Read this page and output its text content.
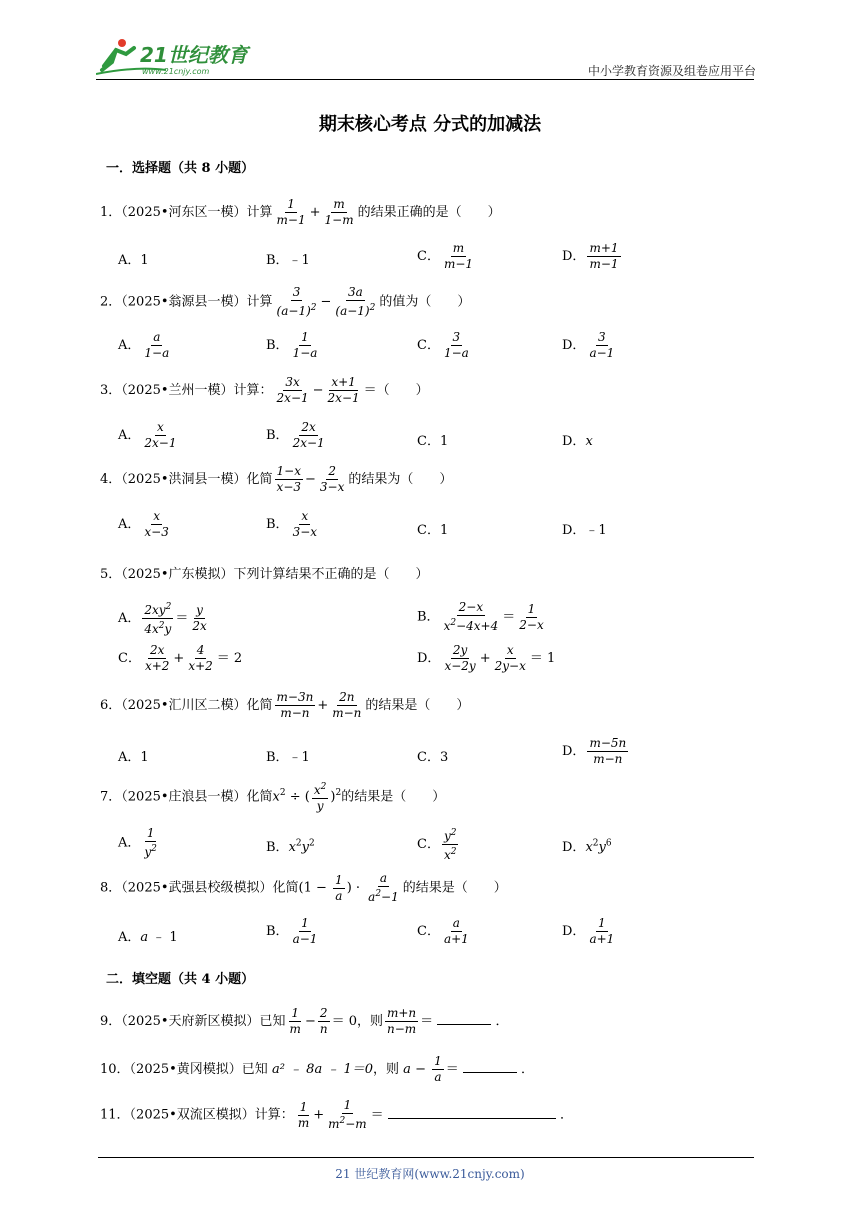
21世纪教育
www.21cnjy.com	中小学教育资源及组卷应用平台
期末核心考点 分式的加减法
一．选择题（共 8 小题）
1．（2025•河东区一模）计算 $\frac{1}{m-1} + \frac{m}{1-m}$ 的结果正确的是（　　）
A．1	B．﹣1	C． $\frac{m}{m-1}$	D． $\frac{m+1}{m-1}$
2．（2025•翁源县一模）计算 $\frac{3}{(a-1)^2} - \frac{3a}{(a-1)^2}$ 的值为（　　）
A． $\frac{a}{1-a}$	B． $\frac{1}{1-a}$	C． $\frac{3}{1-a}$	D． $\frac{3}{a-1}$
3．（2025•兰州一模）计算： $\frac{3x}{2x-1} - \frac{x+1}{2x-1}$ ＝（　　）
A． $\frac{x}{2x-1}$	B． $\frac{2x}{2x-1}$	C．1	D．x
4．（2025•洪洞县一模）化简 $\frac{1-x}{x-3} - \frac{2}{3-x}$ 的结果为（　　）
A． $\frac{x}{x-3}$	B． $\frac{x}{3-x}$	C．1	D．﹣1
5．（2025•广东模拟）下列计算结果不正确的是（　　）
A． $\frac{2xy^2}{4x^2y} = \frac{y}{2x}$	B． $\frac{2-x}{x^2-4x+4} = \frac{1}{2-x}$
C． $\frac{2x}{x+2} + \frac{4}{x+2} = 2$	D． $\frac{2y}{x-2y} + \frac{x}{2y-x} = 1$
6．（2025•汇川区二模）化简 $\frac{m-3n}{m-n} + \frac{2n}{m-n}$ 的结果是（　　）
A．1	B．﹣1	C．3	D． $\frac{m-5n}{m-n}$
7．（2025•庄浪县一模）化简$x^2$ ÷ ( $\frac{x^2}{y} )^2$的结果是（　　）
A． $\frac{1}{y^2}$	B．$x^2y^2$	C． $\frac{y^2}{x^2}$	D．$x^2y^6$
8．（2025•武强县校级模拟）化简($1 - \frac{1}{a}$ ) · $\frac{a}{a^2-1}$ 的结果是（　　）
A．a ﹣ 1	B． $\frac{1}{a-1}$	C． $\frac{a}{a+1}$	D． $\frac{1}{a+1}$
二．填空题（共 4 小题）
9．（2025•天府新区模拟）已知 $\frac{1}{m} - \frac{2}{n} = 0$，则 $\frac{m+n}{n-m}$ ＝	．
10．（2025•黄冈模拟）已知 a² ﹣ 8a ﹣ 1＝0，则 $a - \frac{1}{a}$ ＝	．
11．（2025•双流区模拟）计算： $\frac{1}{m} + \frac{1}{m^2-m}$ ＝	．
21 世纪教育网(www.21cnjy.com)
